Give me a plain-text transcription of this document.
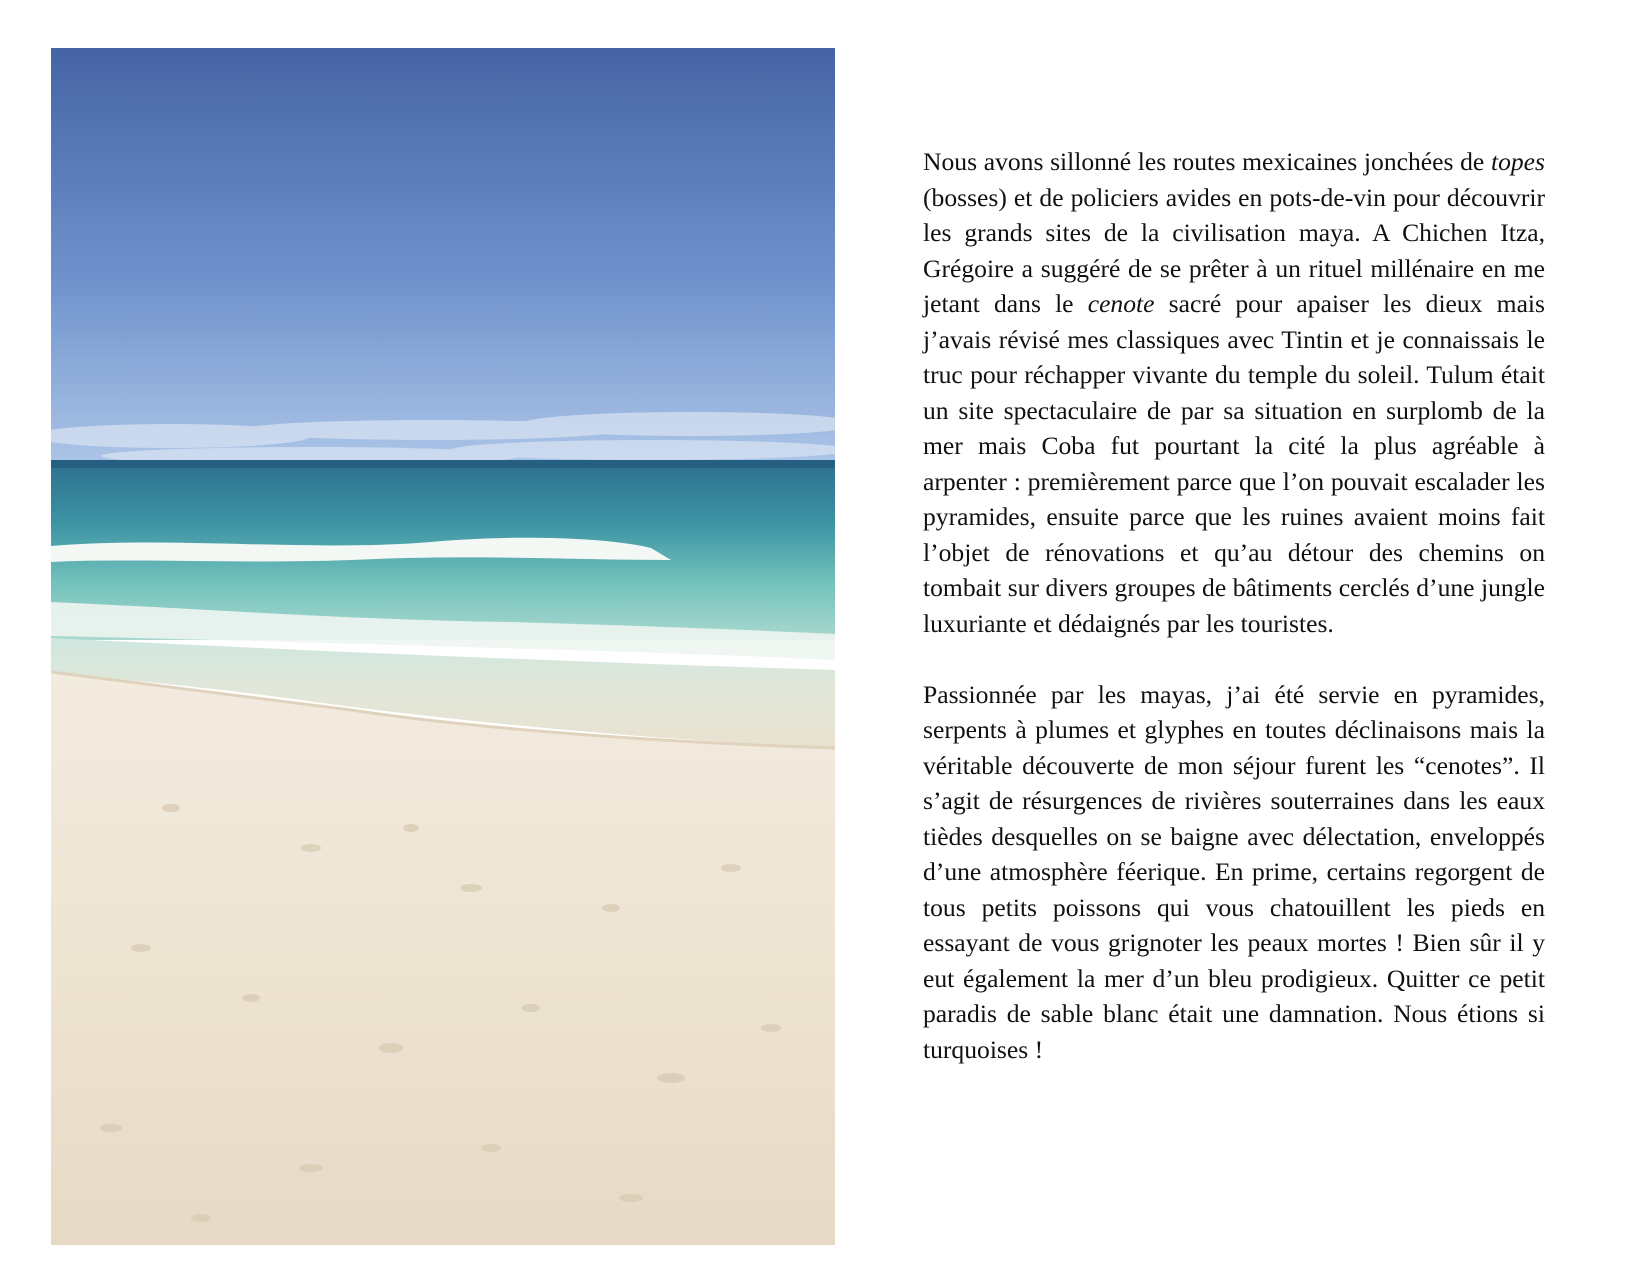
Nous avons sillonné les routes mexicaines jonchées de topes (bosses) et de policiers avides en pots-de-vin pour découvrir les grands sites de la civilisation maya. A Chichen Itza, Grégoire a suggéré de se prêter à un rituel millénaire en me jetant dans le cenote sacré pour apaiser les dieux mais j’avais révisé mes classiques avec Tintin et je connaissais le truc pour réchapper vivante du temple du soleil. Tulum était un site spectaculaire de par sa situation en surplomb de la mer mais Coba fut pourtant la cité la plus agréable à arpenter : premièrement parce que l’on pouvait escalader les pyramides, ensuite parce que les ruines avaient moins fait l’objet de rénovations et qu’au détour des chemins on tombait sur divers groupes de bâtiments cerclés d’une jungle luxuriante et dédaignés par les touristes.

Passionnée par les mayas, j’ai été servie en pyramides, serpents à plumes et glyphes en toutes déclinaisons mais la véritable découverte de mon séjour furent les “cenotes”. Il s’agit de résurgences de rivières souterraines dans les eaux tièdes desquelles on se baigne avec délectation, enveloppés d’une atmosphère féerique. En prime, certains regorgent de tous petits poissons qui vous chatouillent les pieds en essayant de vous grignoter les peaux mortes ! Bien sûr il y eut également la mer d’un bleu prodigieux. Quitter ce petit paradis de sable blanc était une damnation. Nous étions si turquoises !
